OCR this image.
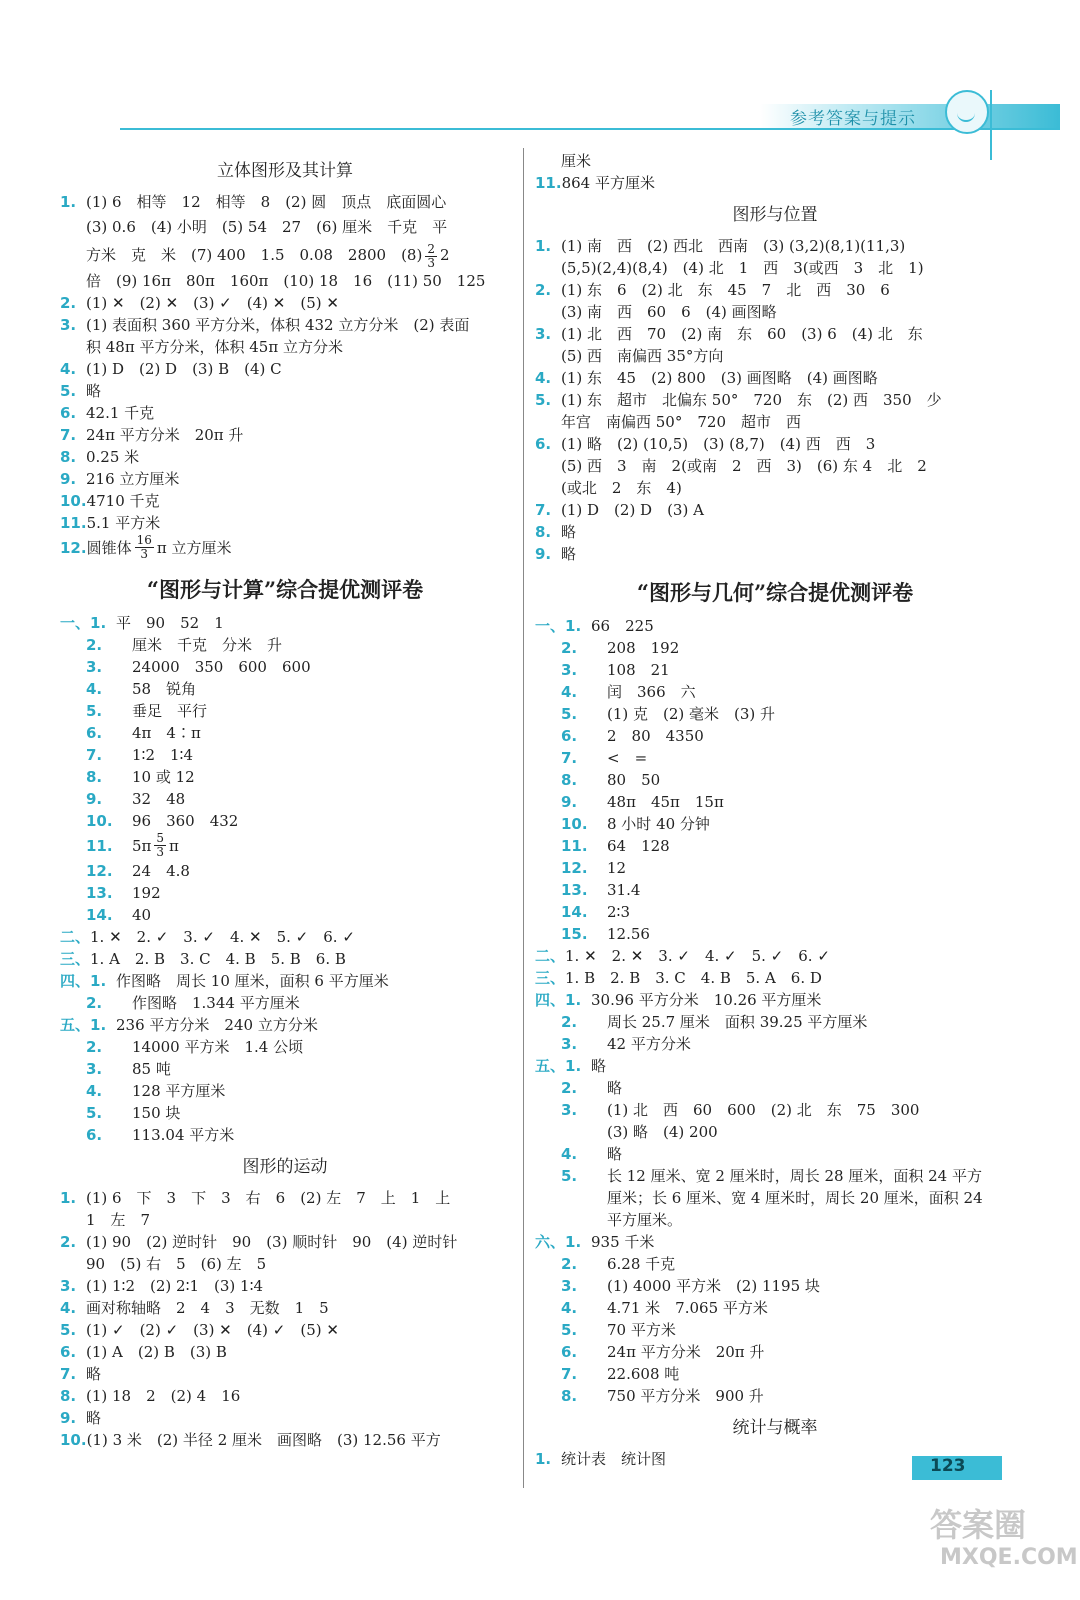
参考答案与提示
立体图形及其计算
1. (1) 6　相等　12　相等　8　(2) 圆　顶点　底面圆心
(3) 0.6　(4) 小明　(5) 54　27　(6) 厘米　千克　平
方米　克　米　(7) 400　1.5　0.08　2800　$(8) \frac{2}{3} 2$
倍　(9) 16π　80π　160π　(10) 18　16　(11) 50　125
2. (1) ✕　(2) ✕　(3) ✓　(4) ✕　(5) ✕
3. (1) 表面积 360 平方分米，体积 432 立方分米　(2) 表面
积 48π 平方分米，体积 45π 立方分米
4. (1) D　(2) D　(3) B　(4) C
5. 略
6. 42.1 千克
7. 24π 平方分米　20π 升
8. 0.25 米
9. 216 立方厘米
10. 4710 千克
11. 5.1 平方米
12. 圆锥体 $\frac{16}{3}$ π 立方厘米
“图形与计算”综合提优测评卷
一、 1. 平　90　52　1
2.	厘米　千克　分米　升
3.	24000　350　600　600
4.	58　锐角
5.	垂足　平行
6.	4π　4∶π
7.	1∶2　1∶4
8.	10 或 12
9.	32　48
10.	96　360　432
11.	$5\pi \frac{5}{3}$ π
12.	24　4.8
13.	192
14.	40
二、 1. ✕　2. ✓　3. ✓　4. ✕　5. ✓　6. ✓
三、 1. A　2. B　3. C　4. B　5. B　6. B
四、 1. 作图略　周长 10 厘米，面积 6 平方厘米
2.	作图略　1.344 平方厘米
五、 1. 236 平方分米　240 立方分米
2.	14000 平方米　1.4 公顷
3.	85 吨
4.	128 平方厘米
5.	150 块
6.	113.04 平方米
图形的运动
1. (1) 6　下　3　下　3　右　6　(2) 左　7　上　1　上
1　左　7
2. (1) 90　(2) 逆时针　90　(3) 顺时针　90　(4) 逆时针
90　(5) 右　5　(6) 左　5
3. (1) 1∶2　(2) 2∶1　(3) 1∶4
4. 画对称轴略　2　4　3　无数　1　5
5. (1) ✓　(2) ✓　(3) ✕　(4) ✓　(5) ✕
6. (1) A　(2) B　(3) B
7. 略
8. (1) 18　2　(2) 4　16
9. 略
10. (1) 3 米　(2) 半径 2 厘米　画图略　(3) 12.56 平方
厘米
11. 864 平方厘米
图形与位置
1. (1) 南　西　(2) 西北　西南　(3) (3,2)(8,1)(11,3)
(5,5)(2,4)(8,4)　(4) 北　1　西　3(或西　3　北　1)
2. (1) 东　6　(2) 北　东　45　7　北　西　30　6
(3) 南　西　60　6　(4) 画图略
3. (1) 北　西　70　(2) 南　东　60　(3) 6　(4) 北　东
(5) 西　南偏西 35°方向
4. (1) 东　45　(2) 800　(3) 画图略　(4) 画图略
5. (1) 东　超市　北偏东 50°　720　东　(2) 西　350　少
年宫　南偏西 50°　720　超市　西
6. (1) 略　(2) (10,5)　(3) (8,7)　(4) 西　西　3
(5) 西　3　南　2(或南　2　西　3)　(6) 东 4　北　2
(或北　2　东　4)
7. (1) D　(2) D　(3) A
8. 略
9. 略
“图形与几何”综合提优测评卷
一、 1. 66　225
2.	208　192
3.	108　21
4.	闰　366　六
5.	(1) 克　(2) 毫米　(3) 升
6.	2　80　4350
7.	<　=
8.	80　50
9.	48π　45π　15π
10.	8 小时 40 分钟
11.	64　128
12.	12
13.	31.4
14.	2∶3
15.	12.56
二、 1. ✕　2. ✕　3. ✓　4. ✓　5. ✓　6. ✓
三、 1. B　2. B　3. C　4. B　5. A　6. D
四、 1. 30.96 平方分米　10.26 平方厘米
2.	周长 25.7 厘米　面积 39.25 平方厘米
3.	42 平方分米
五、 1. 略
2.	略
3.	(1) 北　西　60　600　(2) 北　东　75　300
(3) 略　(4) 200
4.	略
5.	长 12 厘米、宽 2 厘米时，周长 28 厘米，面积 24 平方
厘米；长 6 厘米、宽 4 厘米时，周长 20 厘米，面积 24
平方厘米。
六、 1. 935 千米
2.	6.28 千克
3.	(1) 4000 平方米　(2) 1195 块
4.	4.71 米　7.065 平方米
5.	70 平方米
6.	24π 平方分米　20π 升
7.	22.608 吨
8.	750 平方分米　900 升
统计与概率
1. 统计表　统计图	123
答案圈
MXQE.COM
